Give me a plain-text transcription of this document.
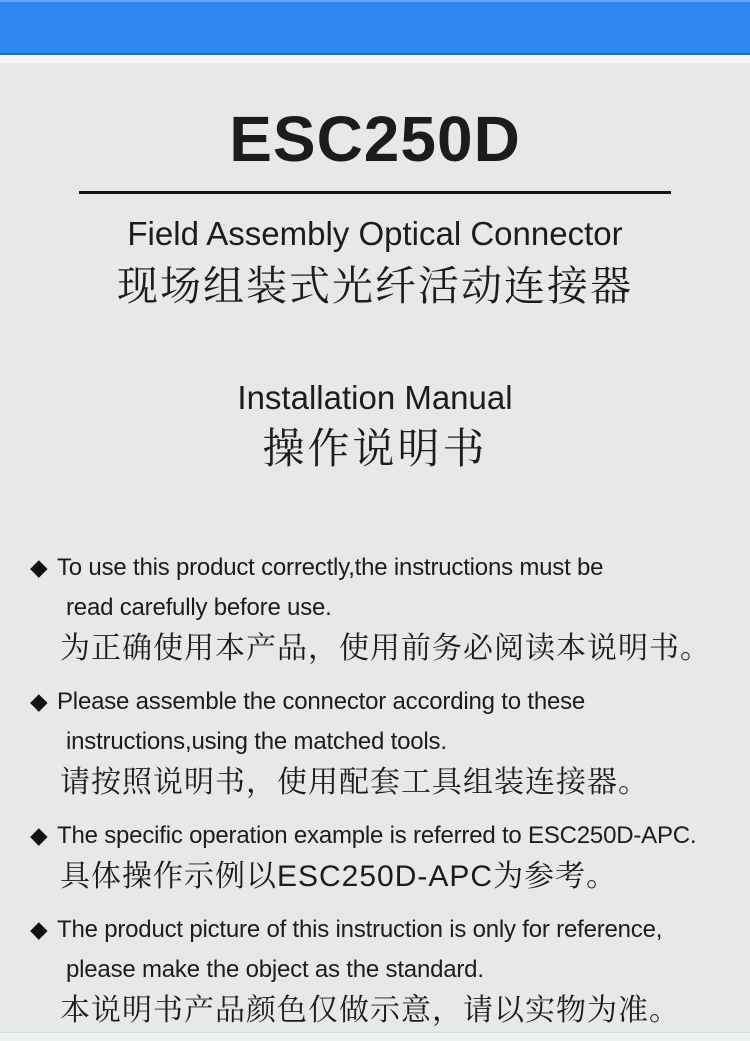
ESC250D
Field Assembly Optical Connector
现场组装式光纤活动连接器
Installation Manual
操作说明书
◆ To use this product correctly,the instructions must be
read carefully before use.
为正确使用本产品，使用前务必阅读本说明书。
◆ Please assemble the connector according to these
instructions,using the matched tools.
请按照说明书，使用配套工具组装连接器。
◆ The specific operation example is referred to ESC250D-APC.
具体操作示例以ESC250D-APC为参考。
◆ The product picture of this instruction is only for reference,
please make the object as the standard.
本说明书产品颜色仅做示意，请以实物为准。
